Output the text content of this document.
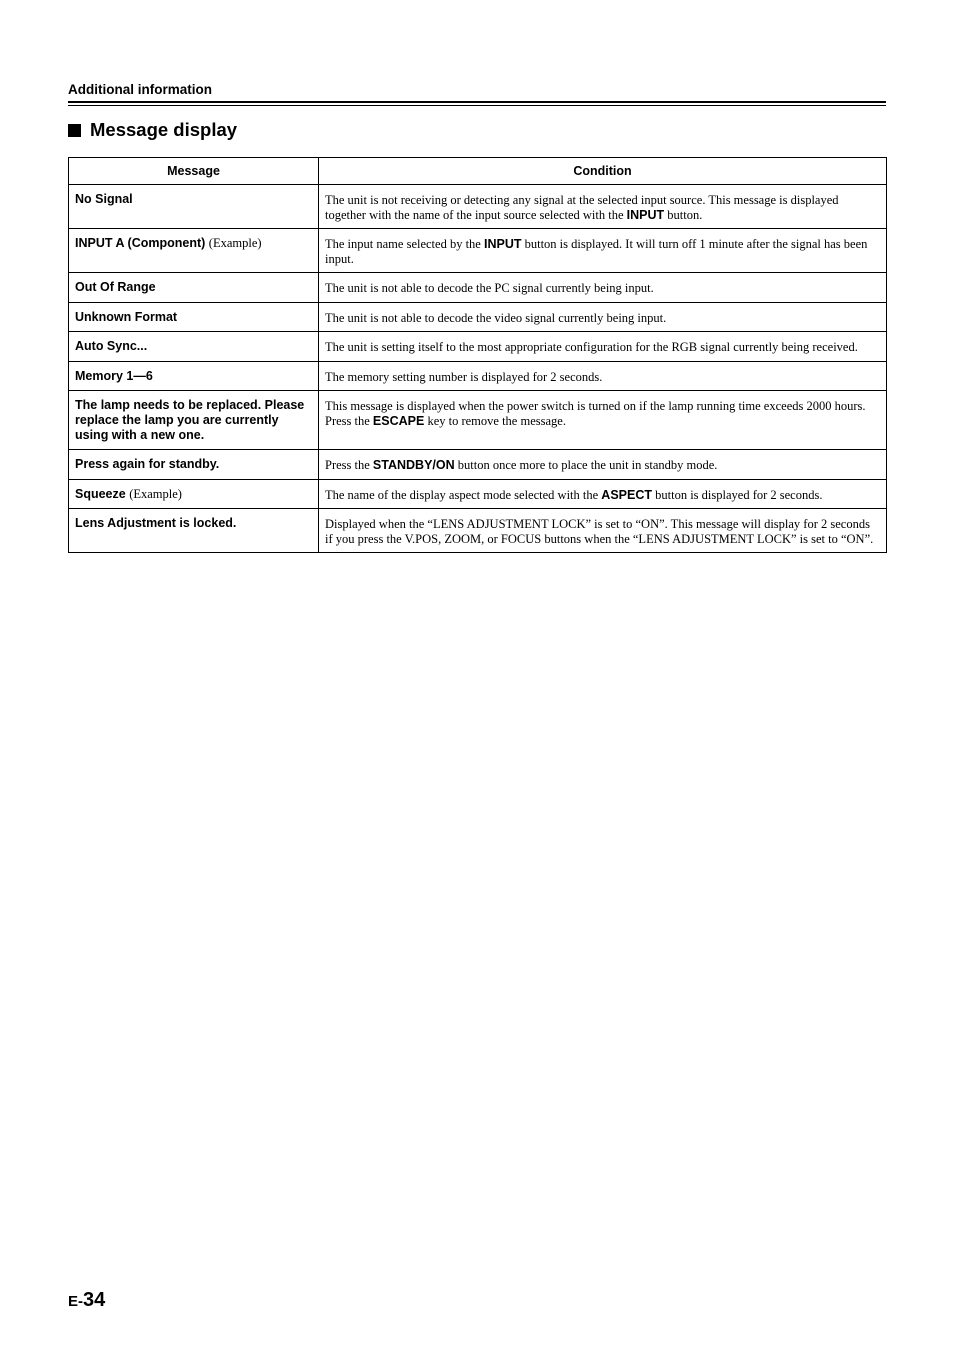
Additional information
Message display
Message	Condition
No Signal	The unit is not receiving or detecting any signal at the selected input source. This message is displayed together with the name of the input source selected with the INPUT button.
INPUT A (Component) (Example)	The input name selected by the INPUT button is displayed. It will turn off 1 minute after the signal has been input.
Out Of Range	The unit is not able to decode the PC signal currently being input.
Unknown Format	The unit is not able to decode the video signal currently being input.
Auto Sync...	The unit is setting itself to the most appropriate configuration for the RGB signal currently being received.
Memory 1—6	The memory setting number is displayed for 2 seconds.
The lamp needs to be replaced. Please replace the lamp you are currently using with a new one.	This message is displayed when the power switch is turned on if the lamp running time exceeds 2000 hours. Press the ESCAPE key to remove the message.
Press again for standby.	Press the STANDBY/ON button once more to place the unit in standby mode.
Squeeze (Example)	The name of the display aspect mode selected with the ASPECT button is displayed for 2 seconds.
Lens Adjustment is locked.	Displayed when the “LENS ADJUSTMENT LOCK” is set to “ON”. This message will display for 2 seconds if you press the V.POS, ZOOM, or FOCUS buttons when the “LENS ADJUSTMENT LOCK” is set to “ON”.
E-34
